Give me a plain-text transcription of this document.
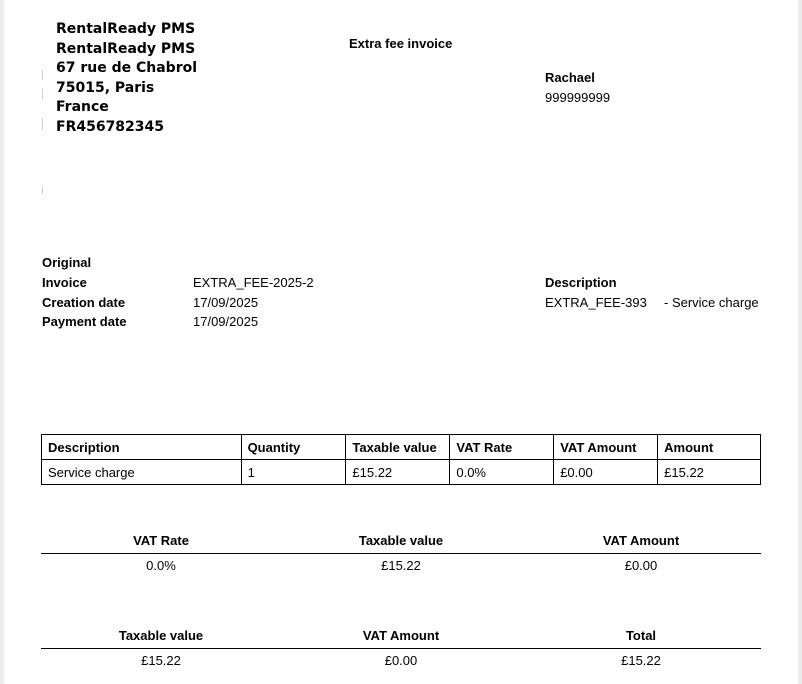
RentalReady PMS
RentalReady PMS
67 rue de Chabrol
75015, Paris
France
FR456782345
Extra fee invoice
Rachael
999999999
Original
Invoice	EXTRA_FEE-2025-2
Creation date	17/09/2025
Payment date	17/09/2025
Description
EXTRA_FEE-393 - Service charge
Description	Quantity	Taxable value	VAT Rate	VAT Amount	Amount
Service charge	1	£15.22	0.0%	£0.00	£15.22
VAT Rate	Taxable value	VAT Amount
0.0%	£15.22	£0.00
Taxable value	VAT Amount	Total
£15.22	£0.00	£15.22
